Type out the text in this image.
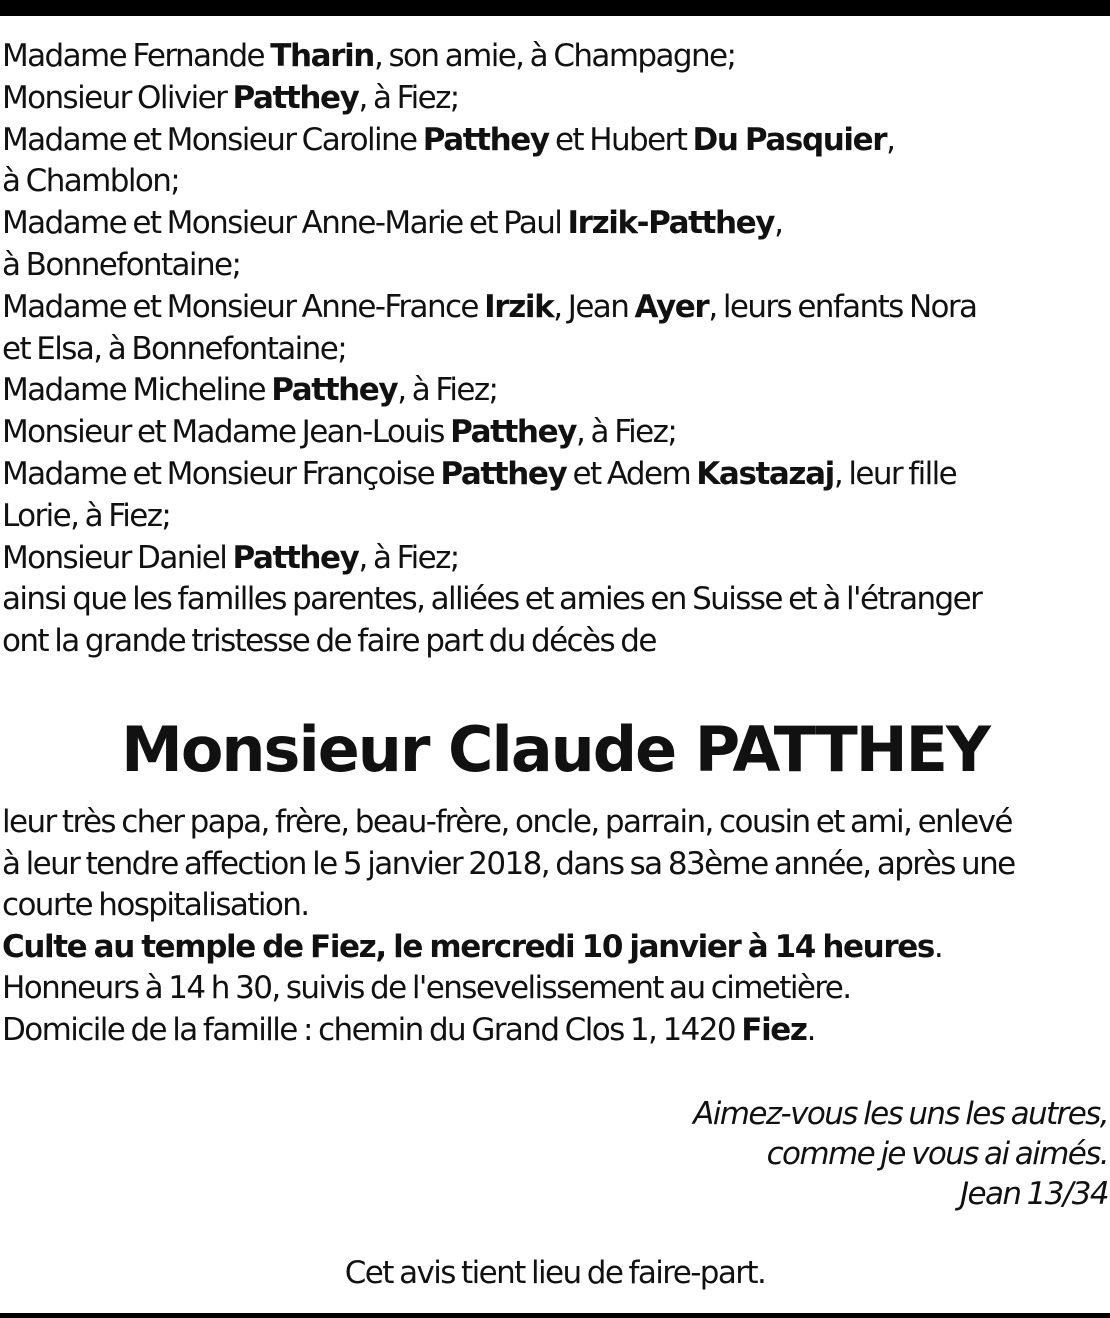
Madame Fernande Tharin, son amie, à Champagne;
Monsieur Olivier Patthey, à Fiez;
Madame et Monsieur Caroline Patthey et Hubert Du Pasquier,
à Chamblon;
Madame et Monsieur Anne-Marie et Paul Irzik-Patthey,
à Bonnefontaine;
Madame et Monsieur Anne-France Irzik, Jean Ayer, leurs enfants Nora
et Elsa, à Bonnefontaine;
Madame Micheline Patthey, à Fiez;
Monsieur et Madame Jean-Louis Patthey, à Fiez;
Madame et Monsieur Françoise Patthey et Adem Kastazaj, leur fille
Lorie, à Fiez;
Monsieur Daniel Patthey, à Fiez;
ainsi que les familles parentes, alliées et amies en Suisse et à l'étranger
ont la grande tristesse de faire part du décès de
Monsieur Claude PATTHEY
leur très cher papa, frère, beau-frère, oncle, parrain, cousin et ami, enlevé
à leur tendre affection le 5 janvier 2018, dans sa 83ème année, après une
courte hospitalisation.
Culte au temple de Fiez, le mercredi 10 janvier à 14 heures.
Honneurs à 14 h 30, suivis de l'ensevelissement au cimetière.
Domicile de la famille : chemin du Grand Clos 1, 1420 Fiez.
Aimez-vous les uns les autres,
comme je vous ai aimés.
Jean 13/34
Cet avis tient lieu de faire-part.
